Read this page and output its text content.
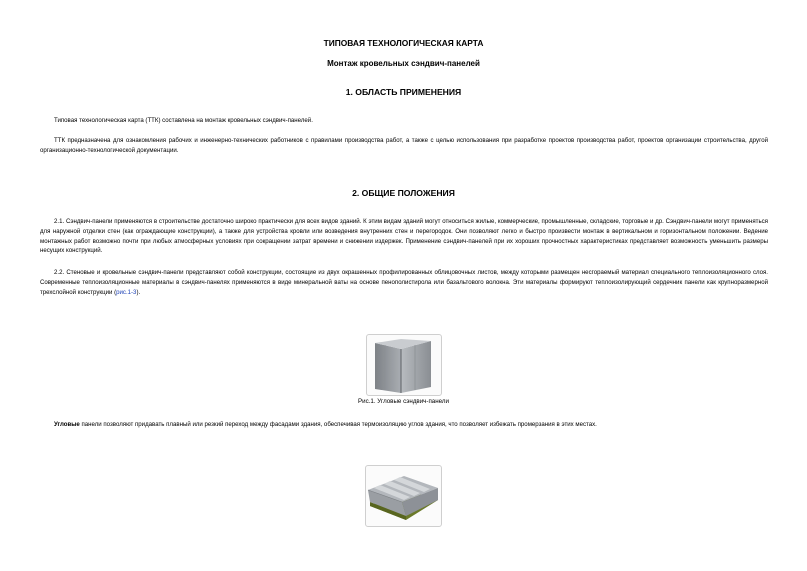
ТИПОВАЯ ТЕХНОЛОГИЧЕСКАЯ КАРТА
Монтаж кровельных сэндвич-панелей
1. ОБЛАСТЬ ПРИМЕНЕНИЯ
Типовая технологическая карта (ТТК) составлена на монтаж кровельных сэндвич-панелей.
ТТК предназначена для ознакомления рабочих и инженерно-технических работников с правилами производства работ, а также с целью использования при разработке проектов производства работ, проектов организации строительства, другой организационно-технологической документации.
2. ОБЩИЕ ПОЛОЖЕНИЯ
2.1. Сэндвич-панели применяются в строительстве достаточно широко практически для всех видов зданий. К этим видам зданий могут относиться жилые, коммерческие, промышленные, складские, торговые и др. Сэндвич-панели могут применяться для наружной отделки стен (как ограждающие конструкции), а также для устройства кровли или возведения внутренних стен и перегородок. Они позволяют легко и быстро произвести монтаж в вертикальном и горизонтальном положении. Ведение монтажных работ возможно почти при любых атмосферных условиях при сокращении затрат времени и снижении издержек. Применение сэндвич-панелей при их хороших прочностных характеристиках представляет возможность уменьшить размеры несущих конструкций.
2.2. Стеновые и кровельные сэндвич-панели представляют собой конструкции, состоящие из двух окрашенных профилированных облицовочных листов, между которыми размещен несгораемый материал специального теплоизоляционного слоя. Современные теплоизоляционные материалы в сэндвич-панелях применяются в виде минеральной ваты на основе пенополистирола или базальтового волокна. Эти материалы формируют теплоизолирующий сердечник панели как крупноразмерной трехслойной конструкции (рис.1-3).
Рис.1. Угловые сэндвич-панели
Угловые панели позволяют придавать плавный или резкий переход между фасадами здания, обеспечивая термоизоляцию углов здания, что позволяет избежать промерзания в этих местах.
